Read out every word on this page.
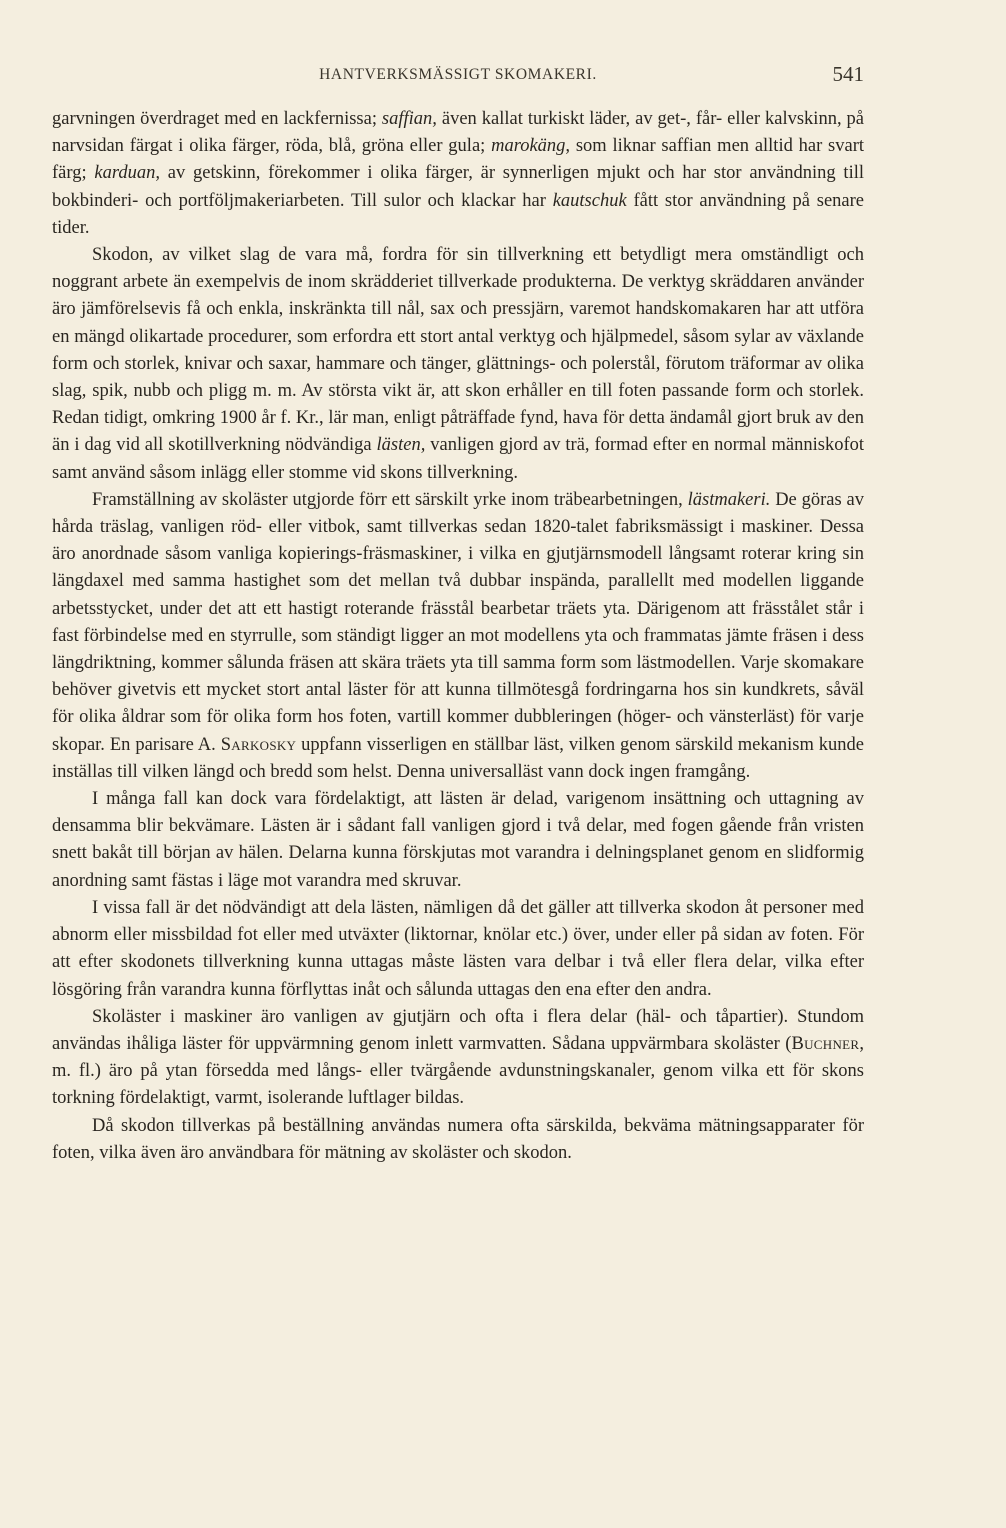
HANTVERKSMÄSSIGT SKOMAKERI.	541

garvningen överdraget med en lackfernissa; saffian, även kallat turkiskt läder, av get-, får- eller kalvskinn, på narvsidan färgat i olika färger, röda, blå, gröna eller gula; marokäng, som liknar saffian men alltid har svart färg; karduan, av getskinn, förekommer i olika färger, är synnerligen mjukt och har stor användning till bokbinderi- och portföljmakeriarbeten. Till sulor och klackar har kautschuk fått stor användning på senare tider.

Skodon, av vilket slag de vara må, fordra för sin tillverkning ett betydligt mera omständligt och noggrant arbete än exempelvis de inom skrädderiet tillverkade produkterna. De verktyg skräddaren använder äro jämförelsevis få och enkla, inskränkta till nål, sax och pressjärn, varemot handskomakaren har att utföra en mängd olikartade procedurer, som erfordra ett stort antal verktyg och hjälpmedel, såsom sylar av växlande form och storlek, knivar och saxar, hammare och tänger, glättnings- och polerstål, förutom träformar av olika slag, spik, nubb och pligg m. m. Av största vikt är, att skon erhåller en till foten passande form och storlek. Redan tidigt, omkring 1900 år f. Kr., lär man, enligt påträffade fynd, hava för detta ändamål gjort bruk av den än i dag vid all skotillverkning nödvändiga lästen, vanligen gjord av trä, formad efter en normal människofot samt använd såsom inlägg eller stomme vid skons tillverkning.

Framställning av skoläster utgjorde förr ett särskilt yrke inom träbearbetningen, lästmakeri. De göras av hårda träslag, vanligen röd- eller vitbok, samt tillverkas sedan 1820-talet fabriksmässigt i maskiner. Dessa äro anordnade såsom vanliga kopierings-fräsmaskiner, i vilka en gjutjärnsmodell långsamt roterar kring sin längdaxel med samma hastighet som det mellan två dubbar inspända, parallellt med modellen liggande arbetsstycket, under det att ett hastigt roterande frässtål bearbetar träets yta. Därigenom att frässtålet står i fast förbindelse med en styrrulle, som ständigt ligger an mot modellens yta och frammatas jämte fräsen i dess längdriktning, kommer sålunda fräsen att skära träets yta till samma form som lästmodellen. Varje skomakare behöver givetvis ett mycket stort antal läster för att kunna tillmötesgå fordringarna hos sin kundkrets, såväl för olika åldrar som för olika form hos foten, vartill kommer dubbleringen (höger- och vänsterläst) för varje skopar. En parisare A. Sarkosky uppfann visserligen en ställbar läst, vilken genom särskild mekanism kunde inställas till vilken längd och bredd som helst. Denna universalläst vann dock ingen framgång.

I många fall kan dock vara fördelaktigt, att lästen är delad, varigenom insättning och uttagning av densamma blir bekvämare. Lästen är i sådant fall vanligen gjord i två delar, med fogen gående från vristen snett bakåt till början av hälen. Delarna kunna förskjutas mot varandra i delningsplanet genom en slidformig anordning samt fästas i läge mot varandra med skruvar.

I vissa fall är det nödvändigt att dela lästen, nämligen då det gäller att tillverka skodon åt personer med abnorm eller missbildad fot eller med utväxter (liktornar, knölar etc.) över, under eller på sidan av foten. För att efter skodonets tillverkning kunna uttagas måste lästen vara delbar i två eller flera delar, vilka efter lösgöring från varandra kunna förflyttas inåt och sålunda uttagas den ena efter den andra.

Skoläster i maskiner äro vanligen av gjutjärn och ofta i flera delar (häl- och tåpartier). Stundom användas ihåliga läster för uppvärmning genom inlett varmvatten. Sådana uppvärmbara skoläster (Buchner, m. fl.) äro på ytan försedda med långs- eller tvärgående avdunstningskanaler, genom vilka ett för skons torkning fördelaktigt, varmt, isolerande luftlager bildas.

Då skodon tillverkas på beställning användas numera ofta särskilda, bekväma mätningsapparater för foten, vilka även äro användbara för mätning av skoläster och skodon.
